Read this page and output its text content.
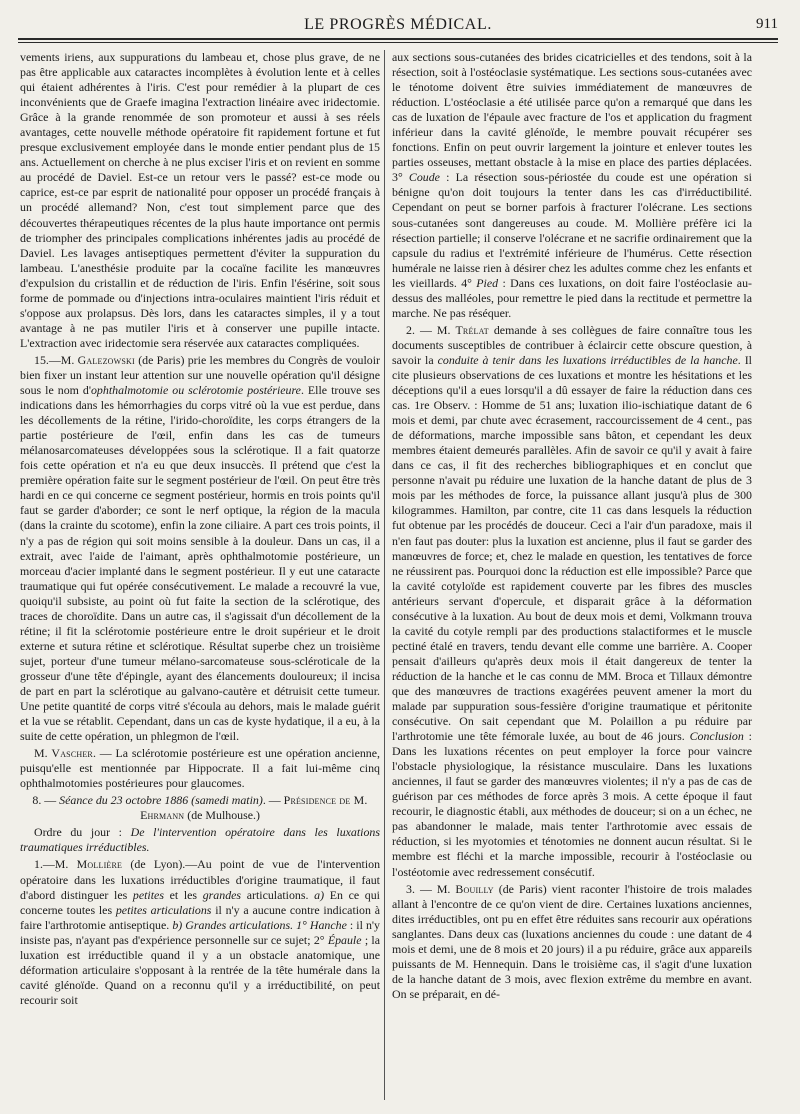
LE PROGRÈS MÉDICAL.	911

vements iriens, aux suppurations du lambeau et, chose plus grave, de ne pas être applicable aux cataractes incomplètes à évolution lente et à celles qui étaient adhérentes à l'iris. C'est pour remédier à la plupart de ces inconvénients que de Graefe imagina l'extraction linéaire avec iridectomie. Grâce à la grande renommée de son promoteur et aussi à ses réels avantages, cette nouvelle méthode opératoire fit rapidement fortune et fut presque exclusivement employée dans le monde entier pendant plus de 15 ans. Actuellement on cherche à ne plus exciser l'iris et on revient en somme au procédé de Daviel. Est-ce un retour vers le passé? est-ce mode ou caprice, est-ce par esprit de nationalité pour opposer un procédé français à un procédé allemand? Non, c'est tout simplement parce que des découvertes thérapeutiques récentes de la plus haute importance ont permis de triompher des principales complications inhérentes jadis au procédé de Daviel. Les lavages antiseptiques permettent d'éviter la suppuration du lambeau. L'anesthésie produite par la cocaïne facilite les manœuvres d'expulsion du cristallin et de réduction de l'iris. Enfin l'ésérine, soit sous forme de pommade ou d'injections intra-oculaires maintient l'iris réduit et s'oppose aux prolapsus. Dès lors, dans les cataractes simples, il y a tout avantage à ne pas mutiler l'iris et à conserver une pupille intacte. L'extraction avec iridectomie sera réservée aux cataractes compliquées.

15.—M. Galezowski (de Paris) prie les membres du Congrès de vouloir bien fixer un instant leur attention sur une nouvelle opération qu'il désigne sous le nom d'ophthalmotomie ou sclérotomie postérieure. Elle trouve ses indications dans les hémorrhagies du corps vitré où la vue est perdue, dans les décollements de la rétine, l'irido-choroïdite, les corps étrangers de la partie postérieure de l'œil, enfin dans les cas de tumeurs mélanosarcomateuses développées sous la sclérotique. Il a fait quatorze fois cette opération et n'a eu que deux insuccès. Il prétend que c'est la première opération faite sur le segment postérieur de l'œil. On peut être très hardi en ce qui concerne ce segment postérieur, hormis en trois points qu'il faut se garder d'aborder; ce sont le nerf optique, la région de la macula (dans la crainte du scotome), enfin la zone ciliaire. A part ces trois points, il n'y a pas de région qui soit moins sensible à la douleur. Dans un cas, il a extrait, avec l'aide de l'aimant, après ophthalmotomie postérieure, un morceau d'acier implanté dans le segment postérieur. Il y eut une cataracte traumatique qui fut opérée consécutivement. Le malade a recouvré la vue, quoiqu'il subsiste, au point où fut faite la section de la sclérotique, des traces de choroïdite. Dans un autre cas, il s'agissait d'un décollement de la rétine; il fit la sclérotomie postérieure entre le droit supérieur et le droit externe et sutura rétine et sclérotique. Résultat superbe chez un troisième sujet, porteur d'une tumeur mélano-sarcomateuse sous-scléroticale de la grosseur d'une tête d'épingle, ayant des élancements douloureux; il incisa de part en part la sclérotique au galvano-cautère et détruisit cette tumeur. Une petite quantité de corps vitré s'écoula au dehors, mais le malade guérit et la vue se rétablit. Cependant, dans un cas de kyste hydatique, il a eu, à la suite de cette opération, un phlegmon de l'œil.

M. Vascher. — La sclérotomie postérieure est une opération ancienne, puisqu'elle est mentionnée par Hippocrate. Il a fait lui-même cinq ophthalmotomies postérieures pour glaucomes.

8. — Séance du 23 octobre 1886 (samedi matin). — Présidence de M. Ehrmann (de Mulhouse.)

Ordre du jour : De l'intervention opératoire dans les luxations traumatiques irréductibles.

1.—M. Mollière (de Lyon).—Au point de vue de l'intervention opératoire dans les luxations irréductibles d'origine traumatique, il faut d'abord distinguer les petites et les grandes articulations. a) En ce qui concerne toutes les petites articulations il n'y a aucune contre indication à faire l'arthrotomie antiseptique. b) Grandes articulations. 1° Hanche : il n'y insiste pas, n'ayant pas d'expérience personnelle sur ce sujet; 2° Épaule ; la luxation est irréductible quand il y a un obstacle anatomique, une déformation articulaire s'opposant à la rentrée de la tête humérale dans la cavité glénoïde. Quand on a reconnu qu'il y a irréductibilité, on peut recourir soit

aux sections sous-cutanées des brides cicatricielles et des tendons, soit à la résection, soit à l'ostéoclasie systématique. Les sections sous-cutanées avec le ténotome doivent être suivies immédiatement de manœuvres de réduction. L'ostéoclasie a été utilisée parce qu'on a remarqué que dans les cas de luxation de l'épaule avec fracture de l'os et application du fragment inférieur dans la cavité glénoïde, le membre pouvait récupérer ses fonctions. Enfin on peut ouvrir largement la jointure et enlever toutes les parties osseuses, mettant obstacle à la mise en place des parties déplacées. 3° Coude : La résection sous-périostée du coude est une opération si bénigne qu'on doit toujours la tenter dans les cas d'irréductibilité. Cependant on peut se borner parfois à fracturer l'olécrane. Les sections sous-cutanées sont dangereuses au coude. M. Mollière préfère ici la résection partielle; il conserve l'olécrane et ne sacrifie ordinairement que la capsule du radius et l'extrémité inférieure de l'humérus. Cette résection humérale ne laisse rien à désirer chez les adultes comme chez les enfants et les vieillards. 4° Pied : Dans ces luxations, on doit faire l'ostéoclasie au-dessus des malléoles, pour remettre le pied dans la rectitude et permettre la marche. Ne pas réséquer.

2. — M. Trélat demande à ses collègues de faire connaître tous les documents susceptibles de contribuer à éclaircir cette obscure question, à savoir la conduite à tenir dans les luxations irréductibles de la hanche. Il cite plusieurs observations de ces luxations et montre les hésitations et les déceptions qu'il a eues lorsqu'il a dû essayer de faire la réduction dans ces cas. 1re Observ. : Homme de 51 ans; luxation ilio-ischiatique datant de 6 mois et demi, par chute avec écrasement, raccourcissement de 4 cent., pas de déformations, marche impossible sans bâton, et cependant les deux membres étaient demeurés parallèles. Afin de savoir ce qu'il y avait à faire dans ce cas, il fit des recherches bibliographiques et en conclut que personne n'avait pu réduire une luxation de la hanche datant de plus de 3 mois par les méthodes de force, la puissance allant jusqu'à plus de 300 kilogrammes. Hamilton, par contre, cite 11 cas dans lesquels la réduction fut obtenue par les procédés de douceur. Ceci a l'air d'un paradoxe, mais il n'en faut pas douter: plus la luxation est ancienne, plus il faut se garder des manœuvres de force; et, chez le malade en question, les tentatives de force ne réussirent pas. Pourquoi donc la réduction est elle impossible? Parce que la cavité cotyloïde est rapidement couverte par les fibres des muscles antérieurs servant d'opercule, et disparait grâce à la déformation consécutive à la luxation. Au bout de deux mois et demi, Volkmann trouva la cavité du cotyle rempli par des productions stalactiformes et le muscle pectiné étalé en travers, tendu devant elle comme une barrière. A. Cooper pensait d'ailleurs qu'après deux mois il était dangereux de tenter la réduction de la hanche et le cas connu de MM. Broca et Tillaux démontre que des manœuvres de tractions exagérées peuvent amener la mort du malade par suppuration sous-fessière d'origine traumatique et péritonite consécutive. On sait cependant que M. Polaillon a pu réduire par l'arthrotomie une tête fémorale luxée, au bout de 46 jours. Conclusion : Dans les luxations récentes on peut employer la force pour vaincre l'obstacle physiologique, la résistance musculaire. Dans les luxations anciennes, il faut se garder des manœuvres violentes; il n'y a pas de cas de guérison par ces méthodes de force après 3 mois. A cette époque il faut recourir, le diagnostic établi, aux méthodes de douceur; si on a un échec, ne pas abandonner le malade, mais tenter l'arthrotomie avec essais de réduction, si les myotomies et ténotomies ne donnent aucun résultat. Si le membre est fléchi et la marche impossible, recourir à l'ostéoclasie ou l'ostéotomie avec redressement consécutif.

3. — M. Bouilly (de Paris) vient raconter l'histoire de trois malades allant à l'encontre de ce qu'on vient de dire. Certaines luxations anciennes, dites irréductibles, ont pu en effet être réduites sans recourir aux opérations sanglantes. Dans deux cas (luxations anciennes du coude : une datant de 4 mois et demi, une de 8 mois et 20 jours) il a pu réduire, grâce aux appareils puissants de M. Hennequin. Dans le troisième cas, il s'agit d'une luxation de la hanche datant de 3 mois, avec flexion extrême du membre en avant. On se préparait, en dé-
